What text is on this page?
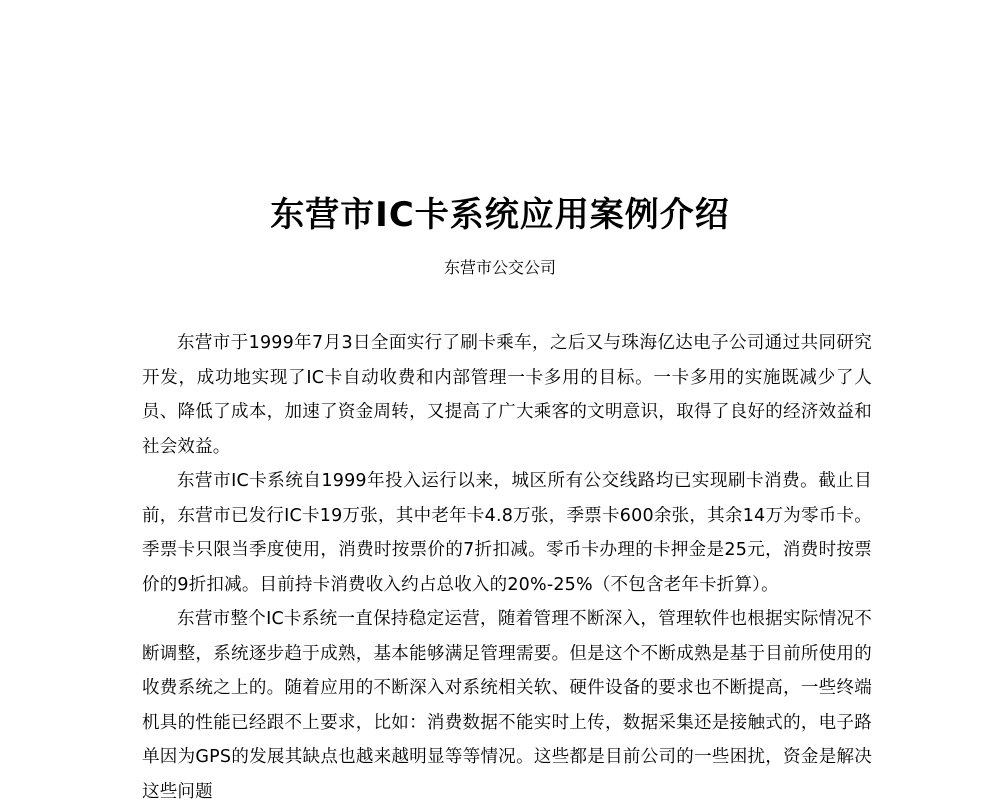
东营市IC卡系统应用案例介绍
东营市公交公司

东营市于1999年7月3日全面实行了刷卡乘车，之后又与珠海亿达电子公司通过共同研究开发，成功地实现了IC卡自动收费和内部管理一卡多用的目标。一卡多用的实施既减少了人员、降低了成本，加速了资金周转，又提高了广大乘客的文明意识，取得了良好的经济效益和社会效益。

东营市IC卡系统自1999年投入运行以来，城区所有公交线路均已实现刷卡消费。截止目前，东营市已发行IC卡19万张，其中老年卡4.8万张，季票卡600余张，其余14万为零币卡。季票卡只限当季度使用，消费时按票价的7折扣减。零币卡办理的卡押金是25元，消费时按票价的9折扣减。目前持卡消费收入约占总收入的20%-25%（不包含老年卡折算）。

东营市整个IC卡系统一直保持稳定运营，随着管理不断深入，管理软件也根据实际情况不断调整，系统逐步趋于成熟，基本能够满足管理需要。但是这个不断成熟是基于目前所使用的收费系统之上的。随着应用的不断深入对系统相关软、硬件设备的要求也不断提高，一些终端机具的性能已经跟不上要求，比如：消费数据不能实时上传，数据采集还是接触式的，电子路单因为GPS的发展其缺点也越来越明显等等情况。这些都是目前公司的一些困扰，资金是解决这些问题
